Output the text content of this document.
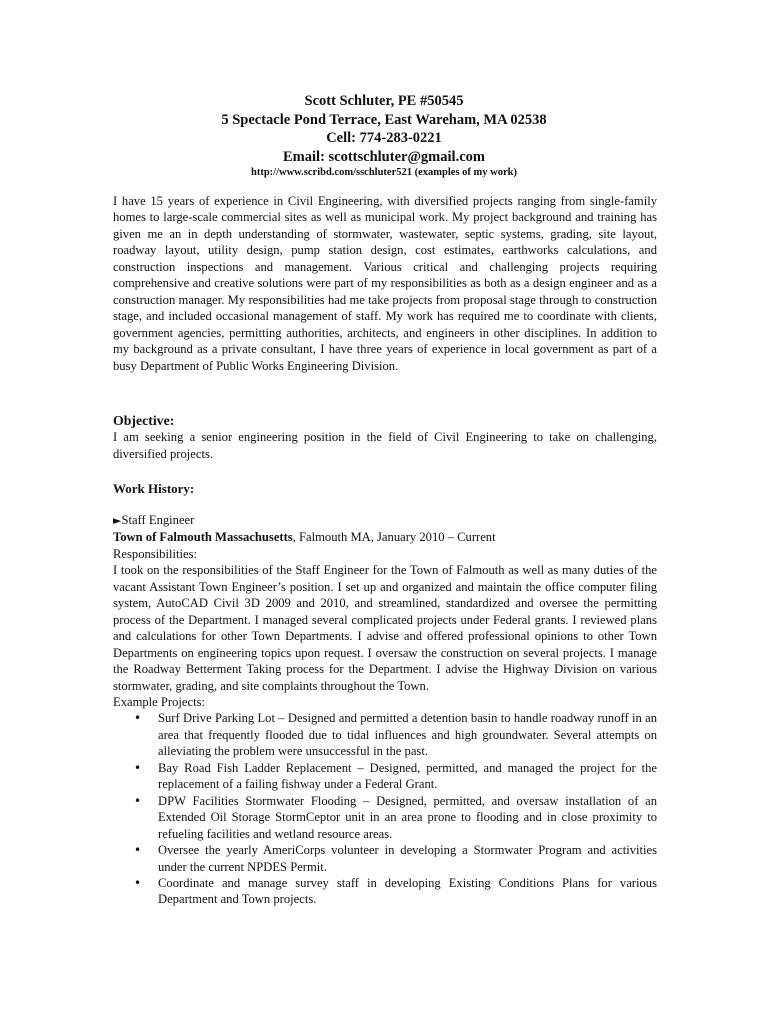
Scott Schluter, PE #50545
5 Spectacle Pond Terrace, East Wareham, MA 02538
Cell: 774-283-0221
Email: scottschluter@gmail.com
http://www.scribd.com/sschluter521 (examples of my work)
I have 15 years of experience in Civil Engineering, with diversified projects ranging from single-family homes to large-scale commercial sites as well as municipal work. My project background and training has given me an in depth understanding of stormwater, wastewater, septic systems, grading, site layout, roadway layout, utility design, pump station design, cost estimates, earthworks calculations, and construction inspections and management. Various critical and challenging projects requiring comprehensive and creative solutions were part of my responsibilities as both as a design engineer and as a construction manager. My responsibilities had me take projects from proposal stage through to construction stage, and included occasional management of staff. My work has required me to coordinate with clients, government agencies, permitting authorities, architects, and engineers in other disciplines. In addition to my background as a private consultant, I have three years of experience in local government as part of a busy Department of Public Works Engineering Division.
Objective:
I am seeking a senior engineering position in the field of Civil Engineering to take on challenging, diversified projects.
Work History:
►Staff Engineer
Town of Falmouth Massachusetts, Falmouth MA, January 2010 – Current
Responsibilities:
I took on the responsibilities of the Staff Engineer for the Town of Falmouth as well as many duties of the vacant Assistant Town Engineer’s position. I set up and organized and maintain the office computer filing system, AutoCAD Civil 3D 2009 and 2010, and streamlined, standardized and oversee the permitting process of the Department. I managed several complicated projects under Federal grants. I reviewed plans and calculations for other Town Departments. I advise and offered professional opinions to other Town Departments on engineering topics upon request. I oversaw the construction on several projects. I manage the Roadway Betterment Taking process for the Department. I advise the Highway Division on various stormwater, grading, and site complaints throughout the Town.
Example Projects:
• Surf Drive Parking Lot – Designed and permitted a detention basin to handle roadway runoff in an area that frequently flooded due to tidal influences and high groundwater. Several attempts on alleviating the problem were unsuccessful in the past.
• Bay Road Fish Ladder Replacement – Designed, permitted, and managed the project for the replacement of a failing fishway under a Federal Grant.
• DPW Facilities Stormwater Flooding – Designed, permitted, and oversaw installation of an Extended Oil Storage StormCeptor unit in an area prone to flooding and in close proximity to refueling facilities and wetland resource areas.
• Oversee the yearly AmeriCorps volunteer in developing a Stormwater Program and activities under the current NPDES Permit.
• Coordinate and manage survey staff in developing Existing Conditions Plans for various Department and Town projects.
